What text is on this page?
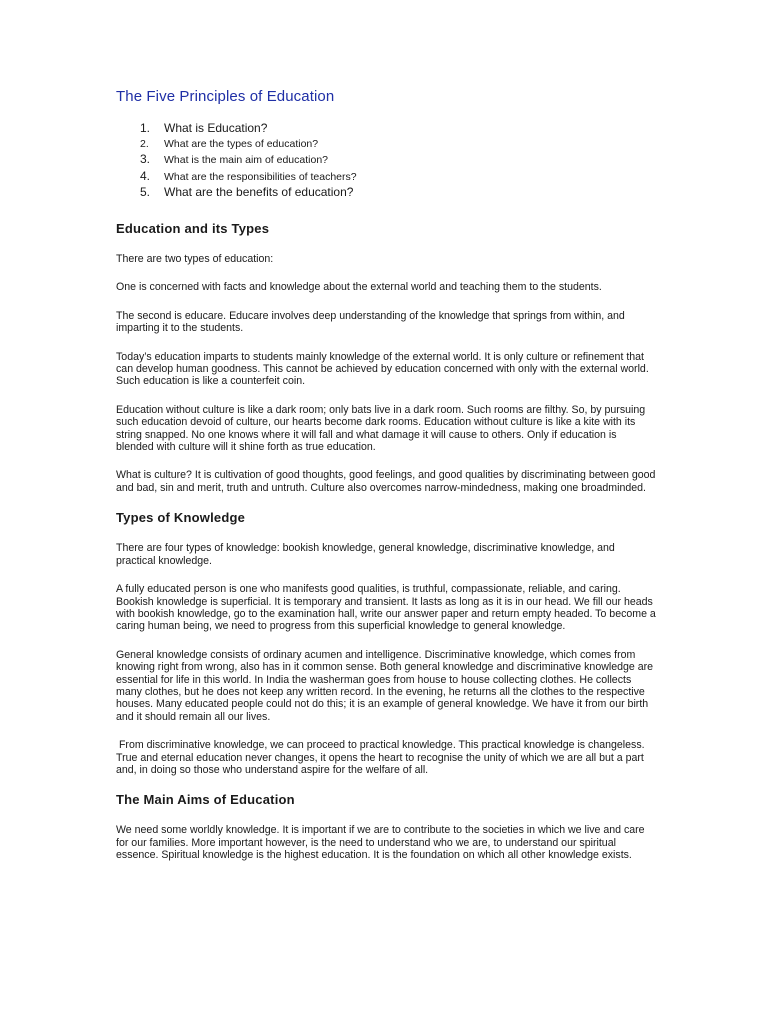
The Five Principles of Education
1.	What is Education?
2.	What are the types of education?
3.	What is the main aim of education?
4.	What are the responsibilities of teachers?
5.	What are the benefits of education?
Education and its Types

There are two types of education:

One is concerned with facts and knowledge about the external world and teaching them to the students.

The second is educare. Educare involves deep understanding of the knowledge that springs from within, and imparting it to the students.

Today’s education imparts to students mainly knowledge of the external world. It is only culture or refinement that can develop human goodness. This cannot be achieved by education concerned with only with the external world. Such education is like a counterfeit coin.

Education without culture is like a dark room; only bats live in a dark room. Such rooms are filthy. So, by pursuing such education devoid of culture, our hearts become dark rooms. Education without culture is like a kite with its string snapped. No one knows where it will fall and what damage it will cause to others. Only if education is blended with culture will it shine forth as true education.

What is culture? It is cultivation of good thoughts, good feelings, and good qualities by discriminating between good and bad, sin and merit, truth and untruth. Culture also overcomes narrow-mindedness, making one broadminded.

Types of Knowledge

There are four types of knowledge: bookish knowledge, general knowledge, discriminative knowledge, and practical knowledge.

A fully educated person is one who manifests good qualities, is truthful, compassionate, reliable, and caring. Bookish knowledge is superficial. It is temporary and transient. It lasts as long as it is in our head. We fill our heads with bookish knowledge, go to the examination hall, write our answer paper and return empty headed. To become a caring human being, we need to progress from this superficial knowledge to general knowledge.

General knowledge consists of ordinary acumen and intelligence. Discriminative knowledge, which comes from knowing right from wrong, also has in it common sense. Both general knowledge and discriminative knowledge are essential for life in this world. In India the washerman goes from house to house collecting clothes. He collects many clothes, but he does not keep any written record. In the evening, he returns all the clothes to the respective houses. Many educated people could not do this; it is an example of general knowledge. We have it from our birth and it should remain all our lives.

From discriminative knowledge, we can proceed to practical knowledge. This practical knowledge is changeless. True and eternal education never changes, it opens the heart to recognise the unity of which we are all but a part and, in doing so those who understand aspire for the welfare of all.

The Main Aims of Education

We need some worldly knowledge. It is important if we are to contribute to the societies in which we live and care for our families. More important however, is the need to understand who we are, to understand our spiritual essence. Spiritual knowledge is the highest education. It is the foundation on which all other knowledge exists.
